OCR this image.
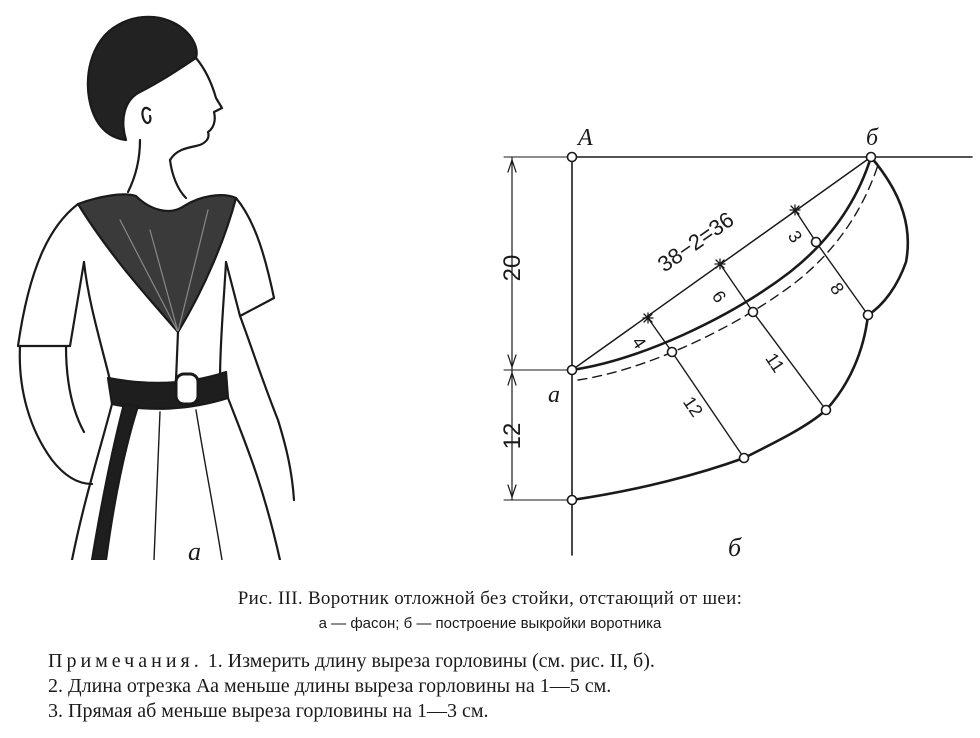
а
А	б
а
20
12
38−2=36
4
6
3
8
11
12
б
Рис. III. Воротник отложной без стойки, отстающий от шеи:
а — фасон; б — построение выкройки воротника
Примечания. 1. Измерить длину выреза горловины (см. рис. II, б).
2. Длина отрезка Аа меньше длины выреза горловины на 1—5 см.
3. Прямая аб меньше выреза горловины на 1—3 см.
